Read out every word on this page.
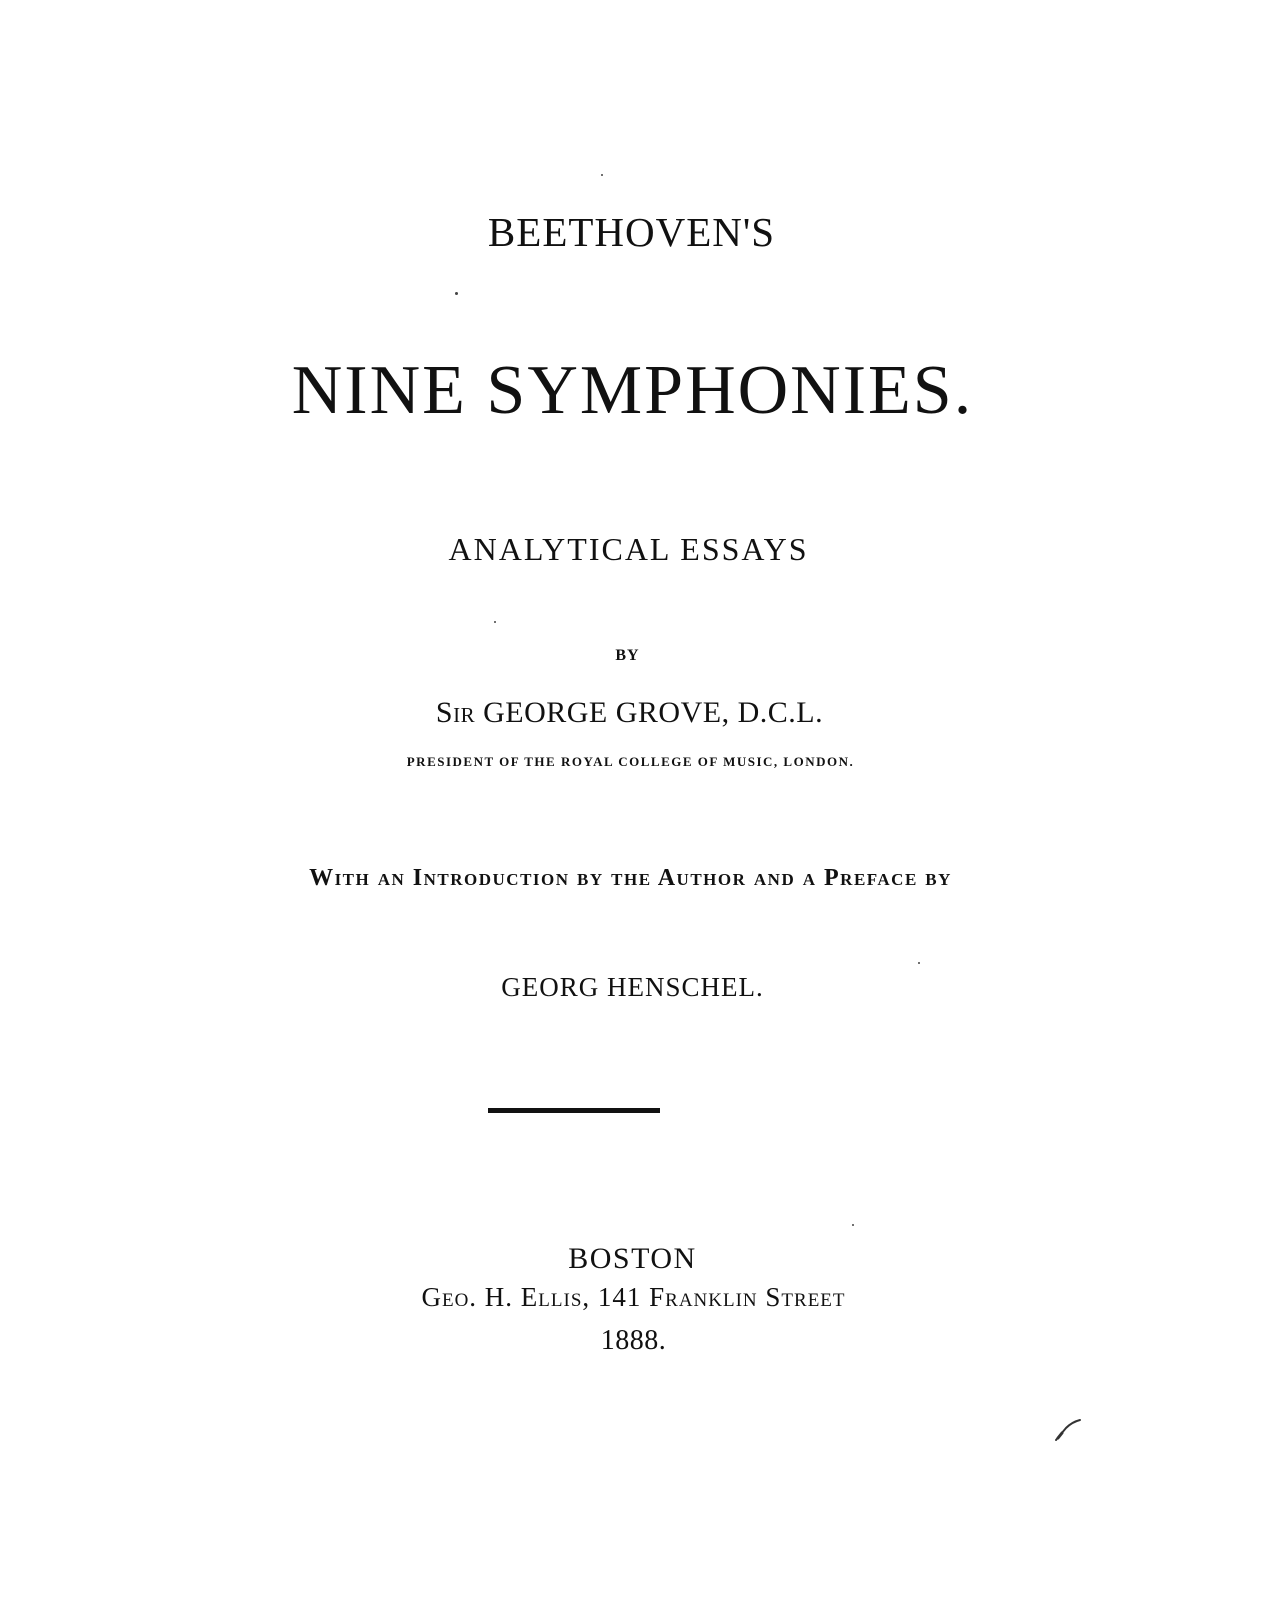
BEETHOVEN'S
NINE SYMPHONIES.
ANALYTICAL ESSAYS
BY
Sir GEORGE GROVE, D.C.L.
PRESIDENT OF THE ROYAL COLLEGE OF MUSIC, LONDON.
With an Introduction by the Author and a Preface by
GEORG HENSCHEL.
BOSTON
Geo. H. Ellis, 141 Franklin Street
1888.
